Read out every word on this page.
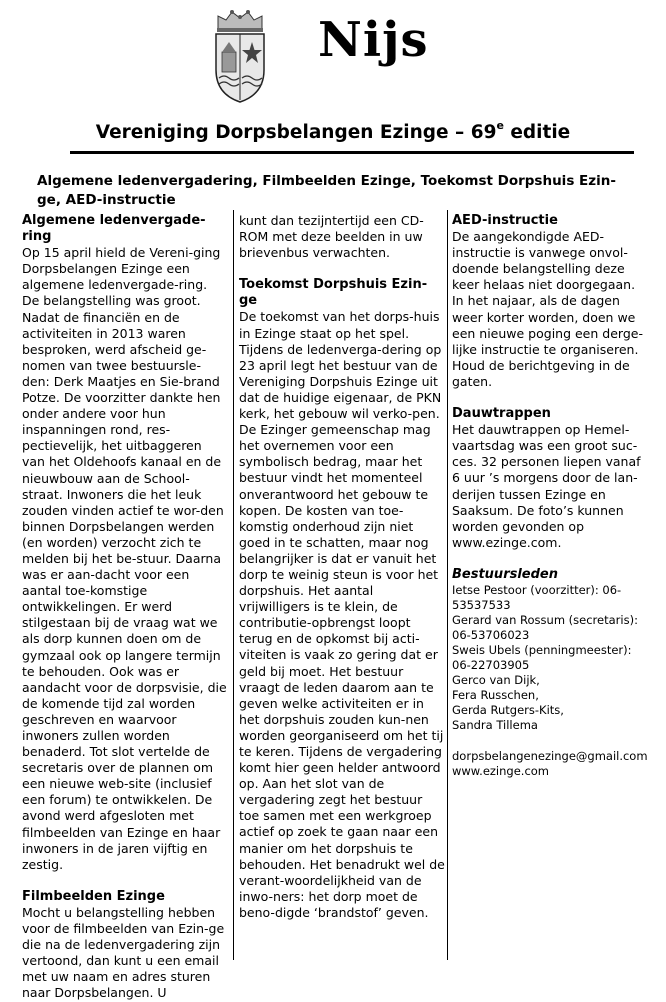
Nijs
Vereniging Dorpsbelangen Ezinge – 69e editie
Algemene ledenvergadering, Filmbeelden Ezinge, Toekomst Dorpshuis Ezin-ge, AED-instructie
Algemene ledenvergade-ring

Op 15 april hield de Vereni-ging Dorpsbelangen Ezinge een algemene ledenvergade-ring. De belangstelling was groot. Nadat de financiën en de activiteiten in 2013 waren besproken, werd afscheid ge-nomen van twee bestuursle-den: Derk Maatjes en Sie-brand Potze. De voorzitter dankte hen onder andere voor hun inspanningen rond, res-pectievelijk, het uitbaggeren van het Oldehoofs kanaal en de nieuwbouw aan de School-straat. Inwoners die het leuk zouden vinden actief te wor-den binnen Dorpsbelangen werden (en worden) verzocht zich te melden bij het be-stuur. Daarna was er aan-dacht voor een aantal toe-komstige ontwikkelingen. Er werd stilgestaan bij de vraag wat we als dorp kunnen doen om de gymzaal ook op langere termijn te behouden. Ook was er aandacht voor de dorpsvisie, die de komende tijd zal worden geschreven en waarvoor inwoners zullen worden benaderd. Tot slot vertelde de secretaris over de plannen om een nieuwe web-site (inclusief een forum) te ontwikkelen. De avond werd afgesloten met filmbeelden van Ezinge en haar inwoners in de jaren vijftig en zestig.

Filmbeelden Ezinge

Mocht u belangstelling hebben voor de filmbeelden van Ezin-ge die na de ledenvergadering zijn vertoond, dan kunt u een email met uw naam en adres sturen naar Dorpsbelangen. U

kunt dan tezijntertijd een CD-ROM met deze beelden in uw brievenbus verwachten.

Toekomst Dorpshuis Ezin-ge

De toekomst van het dorps-huis in Ezinge staat op het spel. Tijdens de ledenverga-dering op 23 april legt het bestuur van de Vereniging Dorpshuis Ezinge uit dat de huidige eigenaar, de PKN kerk, het gebouw wil verko-pen. De Ezinger gemeenschap mag het overnemen voor een symbolisch bedrag, maar het bestuur vindt het momenteel onverantwoord het gebouw te kopen. De kosten van toe-komstig onderhoud zijn niet goed in te schatten, maar nog belangrijker is dat er vanuit het dorp te weinig steun is voor het dorpshuis. Het aantal vrijwilligers is te klein, de contributie-opbrengst loopt terug en de opkomst bij acti-viteiten is vaak zo gering dat er geld bij moet. Het bestuur vraagt de leden daarom aan te geven welke activiteiten er in het dorpshuis zouden kun-nen worden georganiseerd om het tij te keren. Tijdens de vergadering komt hier geen helder antwoord op. Aan het slot van de vergadering zegt het bestuur toe samen met een werkgroep actief op zoek te gaan naar een manier om het dorpshuis te behouden. Het benadrukt wel de verant-woordelijkheid van de inwo-ners: het dorp moet de beno-digde ‘brandstof’ geven.

AED-instructie

De aangekondigde AED-instructie is vanwege onvol-doende belangstelling deze keer helaas niet doorgegaan. In het najaar, als de dagen weer korter worden, doen we een nieuwe poging een derge-lijke instructie te organiseren. Houd de berichtgeving in de gaten.

Dauwtrappen

Het dauwtrappen op Hemel-vaartsdag was een groot suc-ces. 32 personen liepen vanaf 6 uur ’s morgens door de lan-derijen tussen Ezinge en Saaksum. De foto’s kunnen worden gevonden op www.ezinge.com.

Bestuursleden
Ietse Pestoor (voorzitter): 06-53537533
Gerard van Rossum (secretaris): 06-53706023
Sweis Ubels (penningmeester): 06-22703905
Gerco van Dijk,
Fera Russchen,
Gerda Rutgers-Kits,
Sandra Tillema
dorpsbelangenezinge@gmail.com
www.ezinge.com
